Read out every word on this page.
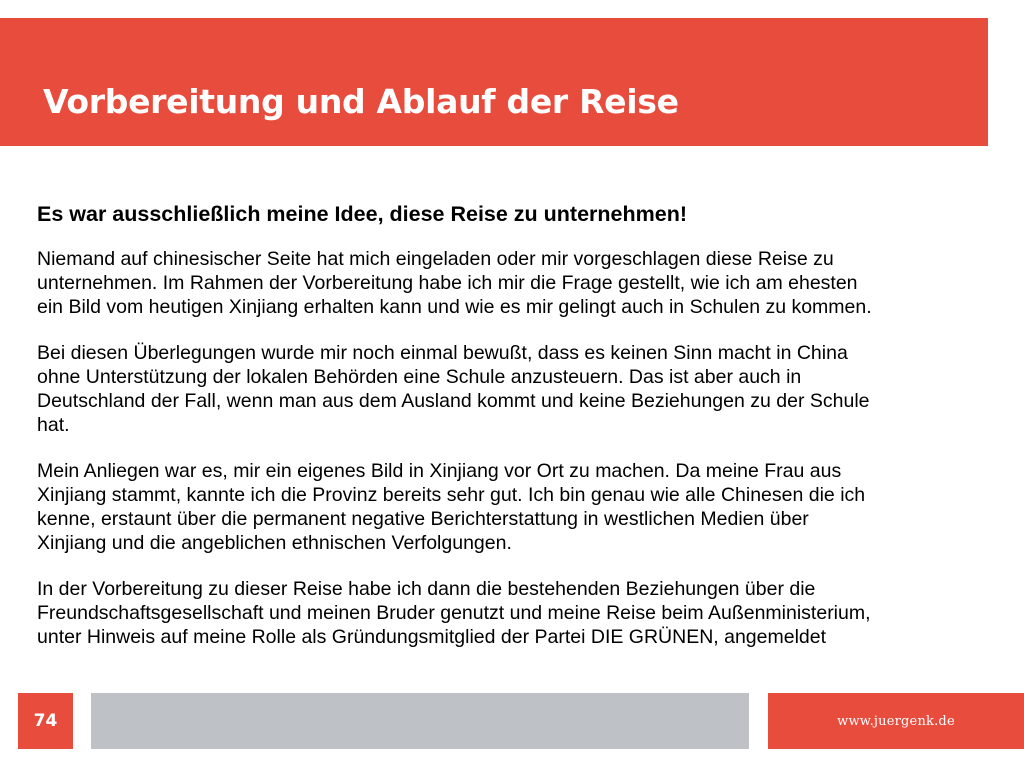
Vorbereitung und Ablauf der Reise
Es war ausschließlich meine Idee, diese Reise zu unternehmen!

Niemand auf chinesischer Seite hat mich eingeladen oder mir vorgeschlagen diese Reise zu
unternehmen. Im Rahmen der Vorbereitung habe ich mir die Frage gestellt, wie ich am ehesten
ein Bild vom heutigen Xinjiang erhalten kann und wie es mir gelingt auch in Schulen zu kommen.

Bei diesen Überlegungen wurde mir noch einmal bewußt, dass es keinen Sinn macht in China
ohne Unterstützung der lokalen Behörden eine Schule anzusteuern. Das ist aber auch in
Deutschland der Fall, wenn man aus dem Ausland kommt und keine Beziehungen zu der Schule
hat.

Mein Anliegen war es, mir ein eigenes Bild in Xinjiang vor Ort zu machen. Da meine Frau aus
Xinjiang stammt, kannte ich die Provinz bereits sehr gut. Ich bin genau wie alle Chinesen die ich
kenne, erstaunt über die permanent negative Berichterstattung in westlichen Medien über
Xinjiang und die angeblichen ethnischen Verfolgungen.

In der Vorbereitung zu dieser Reise habe ich dann die bestehenden Beziehungen über die
Freundschaftsgesellschaft und meinen Bruder genutzt und meine Reise beim Außenministerium,
unter Hinweis auf meine Rolle als Gründungsmitglied der Partei DIE GRÜNEN, angemeldet

74	www.juergenk.de
